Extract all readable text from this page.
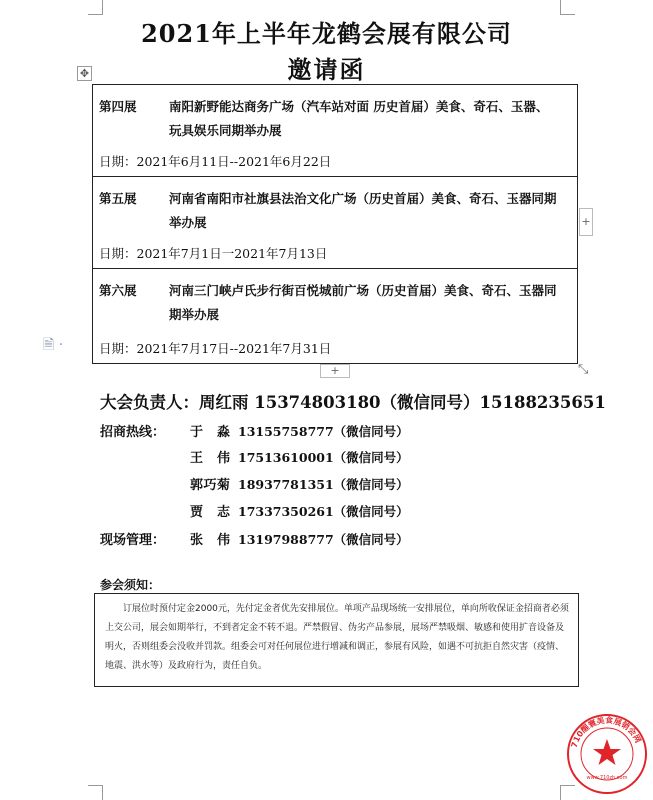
2021年上半年龙鹤会展有限公司
邀请函
✥
🗎 ·
第四展	南阳新野能达商务广场（汽车站对面 历史首届）美食、奇石、玉器、
玩具娱乐同期举办展
日期：2021年6月11日--2021年6月22日
第五展	河南省南阳市社旗县法治文化广场（历史首届）美食、奇石、玉器同期
举办展
日期：2021年7月1日一2021年7月13日
第六展	河南三门峡卢氏步行街百悦城前广场（历史首届）美食、奇石、玉器同
期举办展
日期：2021年7月17日--2021年7月31日
+
+	⤡
大会负责人：周红雨 15374803180（微信同号）15188235651
招商热线： 于 淼 13155758777（微信同号）
王 伟 17513610001（微信同号）
郭巧菊 18937781351（微信同号）
贾 志 17337350261（微信同号）
现场管理： 张 伟 13197988777（微信同号）
参会须知：
订展位时预付定金2000元，先付定金者优先安排展位。单项产品现场统一安排展位，单向所收保证金招商者必须上交公司，展会如期举行，不到者定金不转不退。严禁假冒、伪劣产品参展，展场严禁吸烟、敏感和使用扩音设备及明火，否则组委会没收并罚款。组委会可对任何展位进行增减和调正，参展有风险，如遇不可抗拒自然灾害（疫情、地震、洪水等）及政府行为，责任自负。
710醒寰美食展销会网
www.710zh.com
